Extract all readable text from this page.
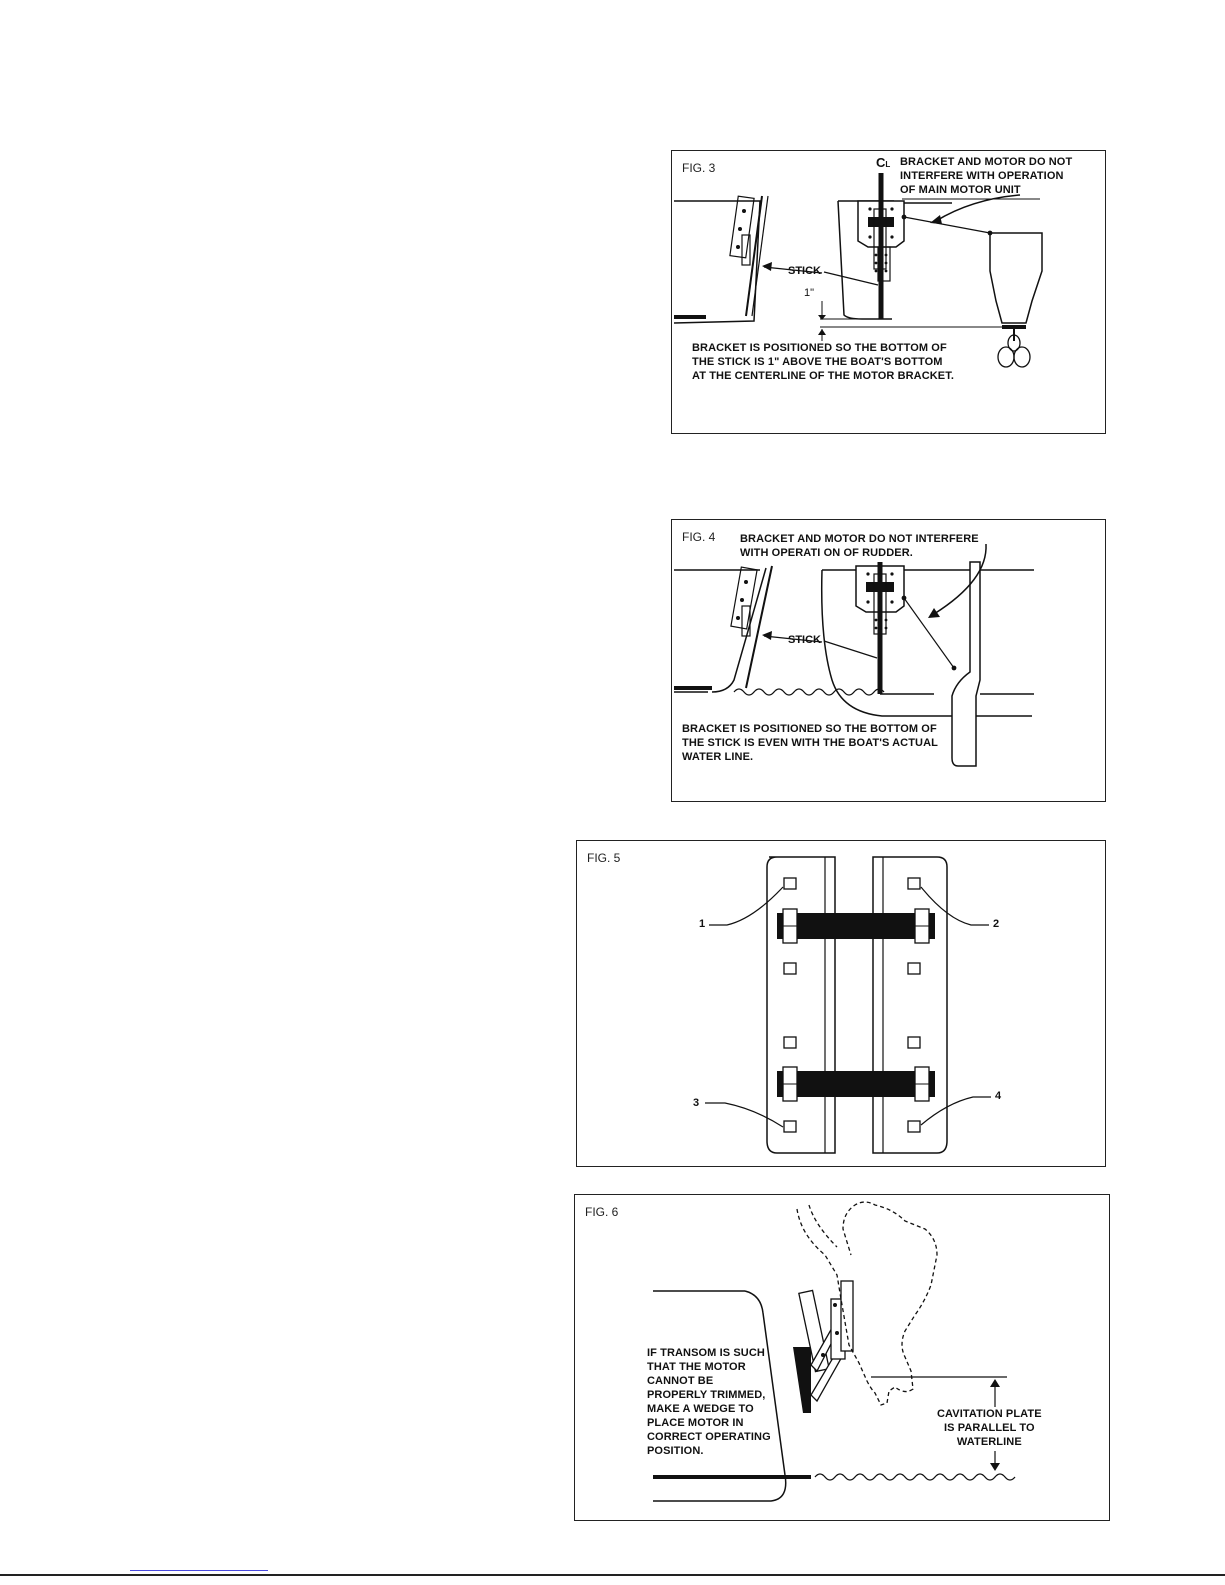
FIG. 3	CL BRACKET AND MOTOR DO NOT
INTERFERE WITH OPERATION
OF MAIN MOTOR UNIT
STICK
1"
BRACKET IS POSITIONED SO THE BOTTOM OF
THE STICK IS 1" ABOVE THE BOAT'S BOTTOM
AT THE CENTERLINE OF THE MOTOR BRACKET.
FIG. 4 BRACKET AND MOTOR DO NOT INTERFERE
WITH OPERATI ON OF RUDDER.
STICK
BRACKET IS POSITIONED SO THE BOTTOM OF
THE STICK IS EVEN WITH THE BOAT'S ACTUAL
WATER LINE.
FIG. 5
1	2
3
4
FIG. 6
IF TRANSOM IS SUCH
THAT THE MOTOR
CANNOT BE
PROPERLY TRIMMED,
MAKE A WEDGE TO
PLACE MOTOR IN
CORRECT OPERATING
POSITION.
CAVITATION PLATE
IS PARALLEL TO
WATERLINE
